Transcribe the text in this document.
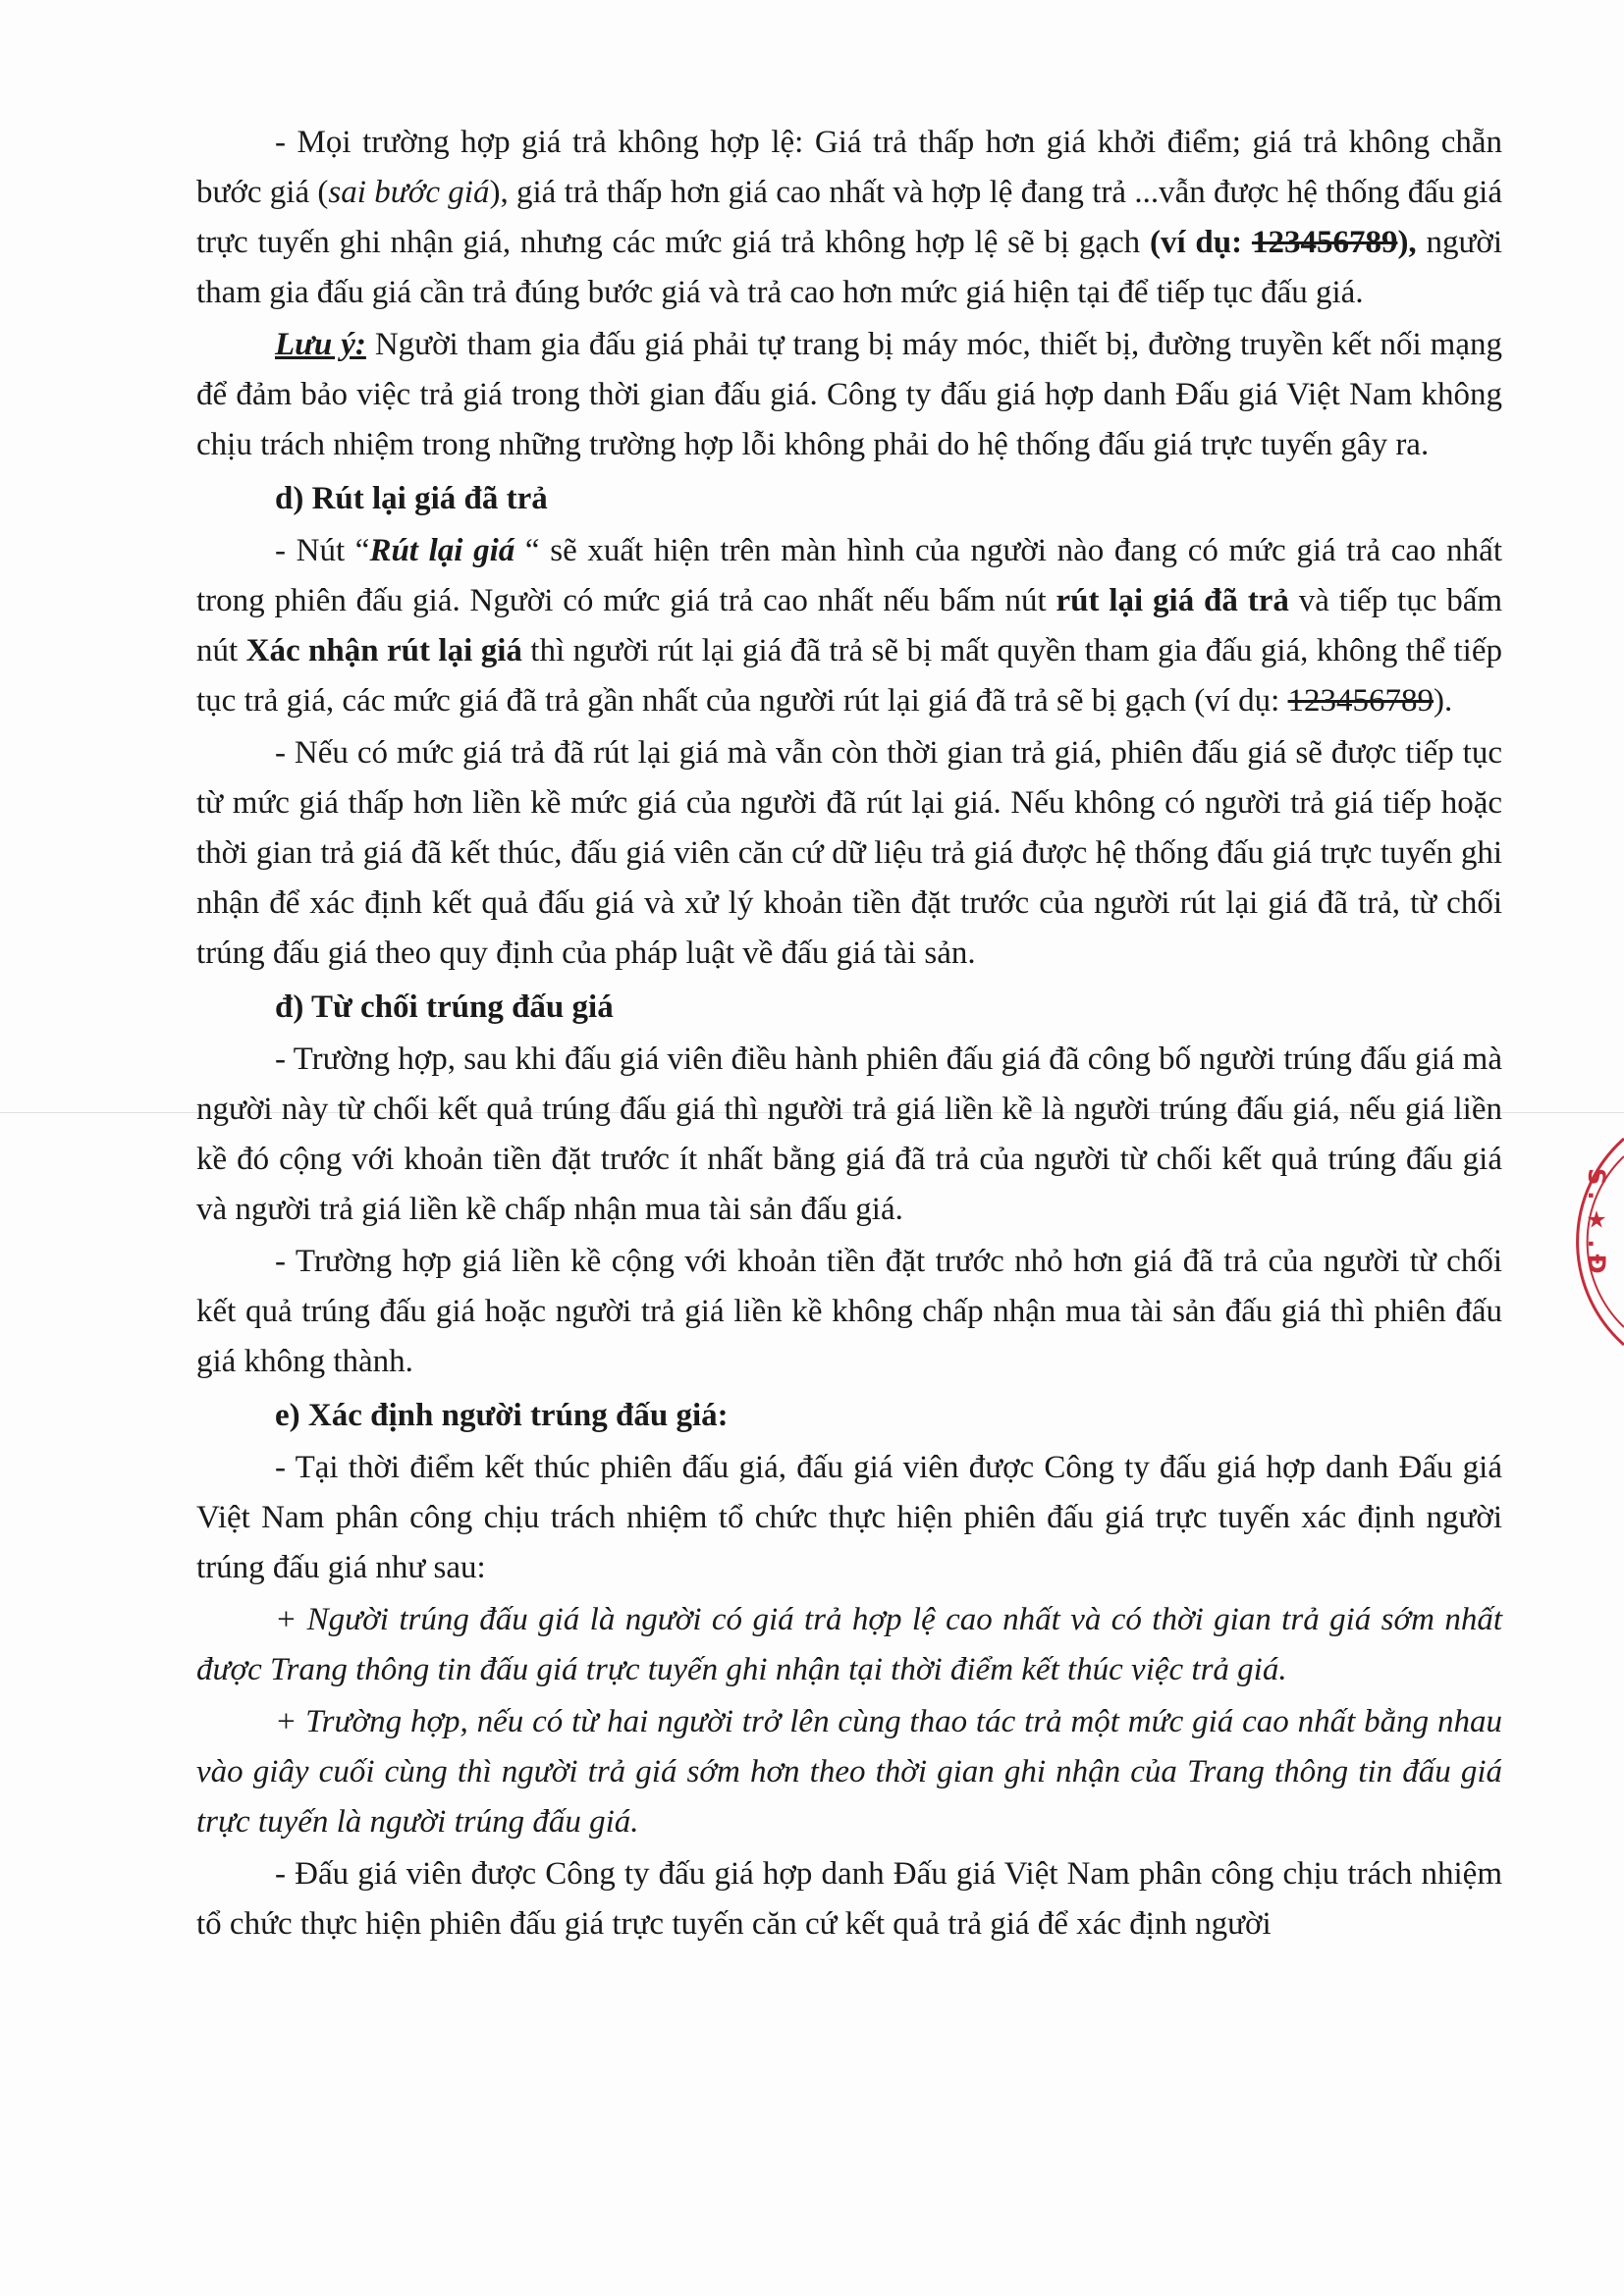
- Mọi trường hợp giá trả không hợp lệ: Giá trả thấp hơn giá khởi điểm; giá trả không chẵn bước giá (sai bước giá), giá trả thấp hơn giá cao nhất và hợp lệ đang trả ...vẫn được hệ thống đấu giá trực tuyến ghi nhận giá, nhưng các mức giá trả không hợp lệ sẽ bị gạch (ví dụ: 123456789), người tham gia đấu giá cần trả đúng bước giá và trả cao hơn mức giá hiện tại để tiếp tục đấu giá.

Lưu ý: Người tham gia đấu giá phải tự trang bị máy móc, thiết bị, đường truyền kết nối mạng để đảm bảo việc trả giá trong thời gian đấu giá. Công ty đấu giá hợp danh Đấu giá Việt Nam không chịu trách nhiệm trong những trường hợp lỗi không phải do hệ thống đấu giá trực tuyến gây ra.

d) Rút lại giá đã trả

- Nút “Rút lại giá “ sẽ xuất hiện trên màn hình của người nào đang có mức giá trả cao nhất trong phiên đấu giá. Người có mức giá trả cao nhất nếu bấm nút rút lại giá đã trả và tiếp tục bấm nút Xác nhận rút lại giá thì người rút lại giá đã trả sẽ bị mất quyền tham gia đấu giá, không thể tiếp tục trả giá, các mức giá đã trả gần nhất của người rút lại giá đã trả sẽ bị gạch (ví dụ: 123456789).

- Nếu có mức giá trả đã rút lại giá mà vẫn còn thời gian trả giá, phiên đấu giá sẽ được tiếp tục từ mức giá thấp hơn liền kề mức giá của người đã rút lại giá. Nếu không có người trả giá tiếp hoặc thời gian trả giá đã kết thúc, đấu giá viên căn cứ dữ liệu trả giá được hệ thống đấu giá trực tuyến ghi nhận để xác định kết quả đấu giá và xử lý khoản tiền đặt trước của người rút lại giá đã trả, từ chối trúng đấu giá theo quy định của pháp luật về đấu giá tài sản.

đ) Từ chối trúng đấu giá

- Trường hợp, sau khi đấu giá viên điều hành phiên đấu giá đã công bố người trúng đấu giá mà người này từ chối kết quả trúng đấu giá thì người trả giá liền kề là người trúng đấu giá, nếu giá liền kề đó cộng với khoản tiền đặt trước ít nhất bằng giá đã trả của người từ chối kết quả trúng đấu giá và người trả giá liền kề chấp nhận mua tài sản đấu giá.

- Trường hợp giá liền kề cộng với khoản tiền đặt trước nhỏ hơn giá đã trả của người từ chối kết quả trúng đấu giá hoặc người trả giá liền kề không chấp nhận mua tài sản đấu giá thì phiên đấu giá không thành.

e) Xác định người trúng đấu giá:

- Tại thời điểm kết thúc phiên đấu giá, đấu giá viên được Công ty đấu giá hợp danh Đấu giá Việt Nam phân công chịu trách nhiệm tổ chức thực hiện phiên đấu giá trực tuyến xác định người trúng đấu giá như sau:

+ Người trúng đấu giá là người có giá trả hợp lệ cao nhất và có thời gian trả giá sớm nhất được Trang thông tin đấu giá trực tuyến ghi nhận tại thời điểm kết thúc việc trả giá.

+ Trường hợp, nếu có từ hai người trở lên cùng thao tác trả một mức giá cao nhất bằng nhau vào giây cuối cùng thì người trả giá sớm hơn theo thời gian ghi nhận của Trang thông tin đấu giá trực tuyến là người trúng đấu giá.

- Đấu giá viên được Công ty đấu giá hợp danh Đấu giá Việt Nam phân công chịu trách nhiệm tổ chức thực hiện phiên đấu giá trực tuyến căn cứ kết quả trả giá để xác định người

S.★.Đ
